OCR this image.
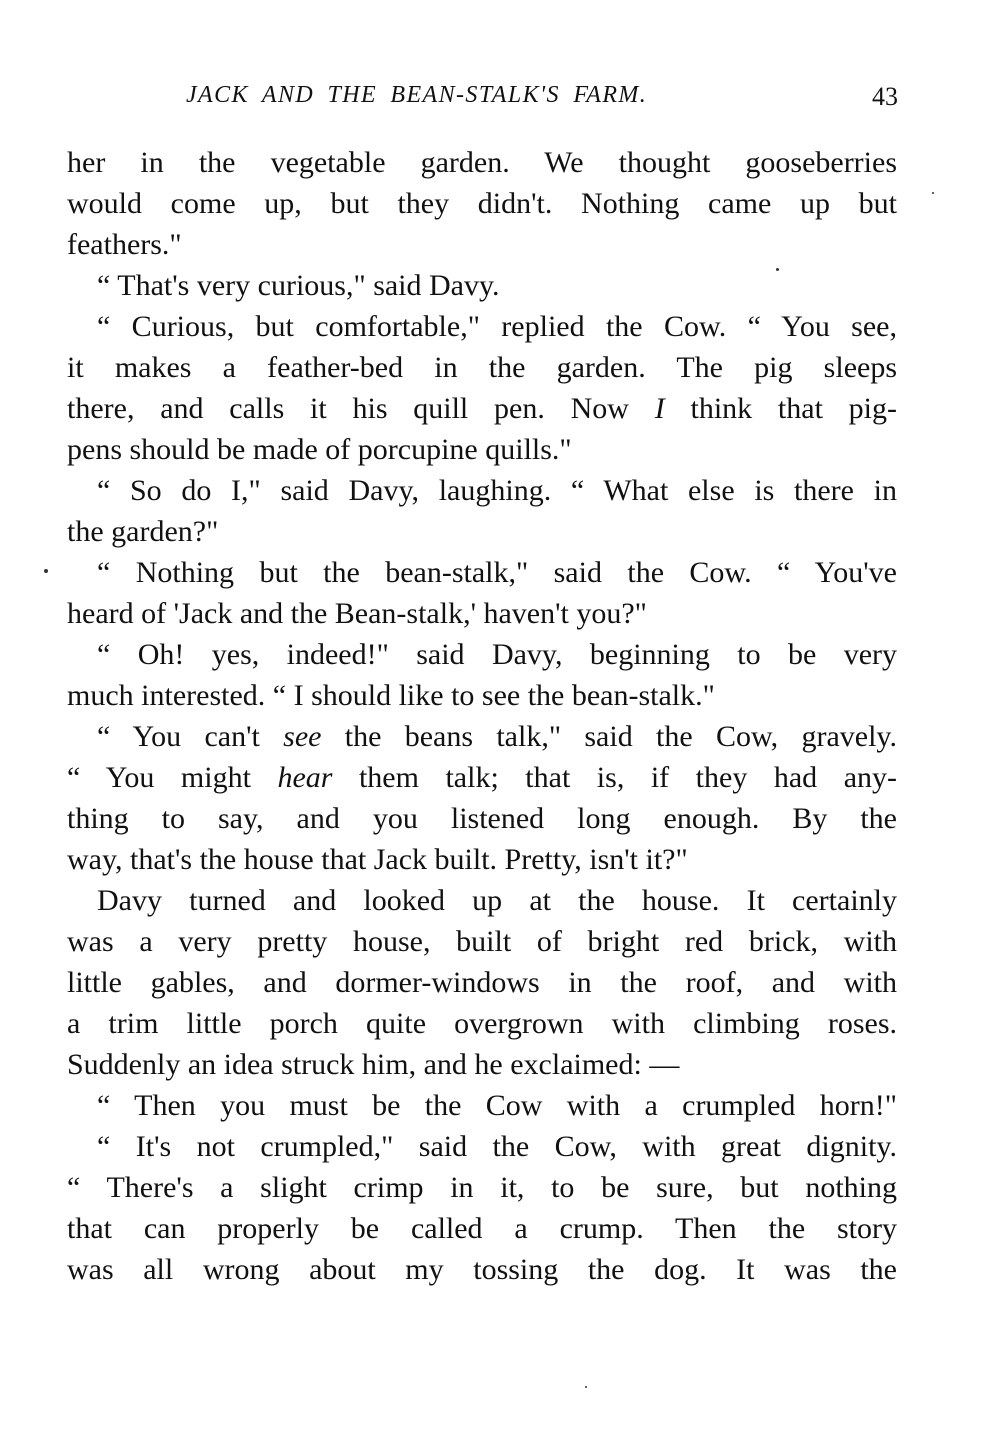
JACK AND THE BEAN-STALK'S FARM.	43
her in the vegetable garden. We thought gooseberries
would come up, but they didn't. Nothing came up but
feathers."
“ That's very curious," said Davy.
“ Curious, but comfortable," replied the Cow. “ You see,
it makes a feather-bed in the garden. The pig sleeps
there, and calls it his quill pen. Now I think that pig-
pens should be made of porcupine quills."
“ So do I," said Davy, laughing. “ What else is there in
the garden?"
“ Nothing but the bean-stalk," said the Cow. “ You've
heard of 'Jack and the Bean-stalk,' haven't you?"
“ Oh! yes, indeed!" said Davy, beginning to be very
much interested. “ I should like to see the bean-stalk."
“ You can't see the beans talk," said the Cow, gravely.
“ You might hear them talk; that is, if they had any-
thing to say, and you listened long enough. By the
way, that's the house that Jack built. Pretty, isn't it?"
Davy turned and looked up at the house. It certainly
was a very pretty house, built of bright red brick, with
little gables, and dormer-windows in the roof, and with
a trim little porch quite overgrown with climbing roses.
Suddenly an idea struck him, and he exclaimed: —
“ Then you must be the Cow with a crumpled horn!"
“ It's not crumpled," said the Cow, with great dignity.
“ There's a slight crimp in it, to be sure, but nothing
that can properly be called a crump. Then the story
was all wrong about my tossing the dog. It was the
